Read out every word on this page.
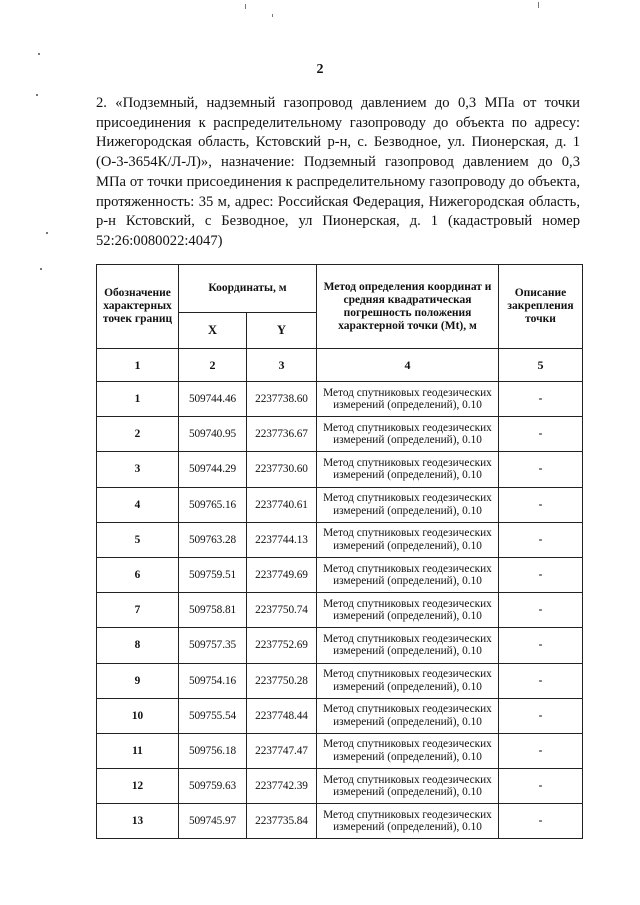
2

2. «Подземный, надземный газопровод давлением до 0,3 МПа от точки присоединения к распределительному газопроводу до объекта по адресу: Нижегородская область, Кстовский р-н, с. Безводное, ул. Пионерская, д. 1 (О-3-3654К/Л-Л)», назначение: Подземный газопровод давлением до 0,3 МПа от точки присоединения к распределительному газопроводу до объекта, протяженность: 35 м, адрес: Российская Федерация, Нижегородская область, р-н Кстовский, с Безводное, ул Пионерская, д. 1 (кадастровый номер 52:26:0080022:4047)

Обозначение характерных точек границ	Координаты, м		Метод определения координат и средняя квадратическая погрешность положения характерной точки (Mt), м	Описание закрепления точки
	X	Y		
1	2	3	4	5
1	509744.46	2237738.60	Метод спутниковых геодезических измерений (определений), 0.10	-
2	509740.95	2237736.67	Метод спутниковых геодезических измерений (определений), 0.10	-
3	509744.29	2237730.60	Метод спутниковых геодезических измерений (определений), 0.10	-
4	509765.16	2237740.61	Метод спутниковых геодезических измерений (определений), 0.10	-
5	509763.28	2237744.13	Метод спутниковых геодезических измерений (определений), 0.10	-
6	509759.51	2237749.69	Метод спутниковых геодезических измерений (определений), 0.10	-
7	509758.81	2237750.74	Метод спутниковых геодезических измерений (определений), 0.10	-
8	509757.35	2237752.69	Метод спутниковых геодезических измерений (определений), 0.10	-
9	509754.16	2237750.28	Метод спутниковых геодезических измерений (определений), 0.10	-
10	509755.54	2237748.44	Метод спутниковых геодезических измерений (определений), 0.10	-
11	509756.18	2237747.47	Метод спутниковых геодезических измерений (определений), 0.10	-
12	509759.63	2237742.39	Метод спутниковых геодезических измерений (определений), 0.10	-
13	509745.97	2237735.84	Метод спутниковых геодезических измерений (определений), 0.10	-
